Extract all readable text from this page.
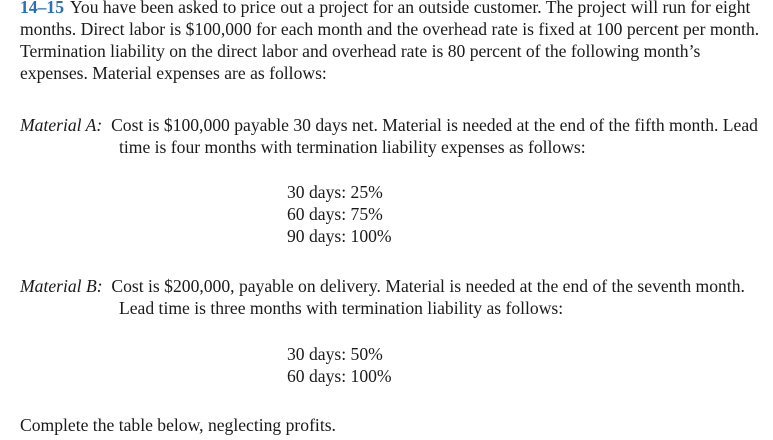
14–15 You have been asked to price out a project for an outside customer. The project will run for eight months. Direct labor is $100,000 for each month and the overhead rate is fixed at 100 percent per month. Termination liability on the direct labor and overhead rate is 80 percent of the following month’s expenses. Material expenses are as follows:
Material A: Cost is $100,000 payable 30 days net. Material is needed at the end of the fifth month. Lead time is four months with termination liability expenses as follows:
30 days: 25%
60 days: 75%
90 days: 100%
Material B: Cost is $200,000, payable on delivery. Material is needed at the end of the seventh month. Lead time is three months with termination liability as follows:
30 days: 50%
60 days: 100%
Complete the table below, neglecting profits.
